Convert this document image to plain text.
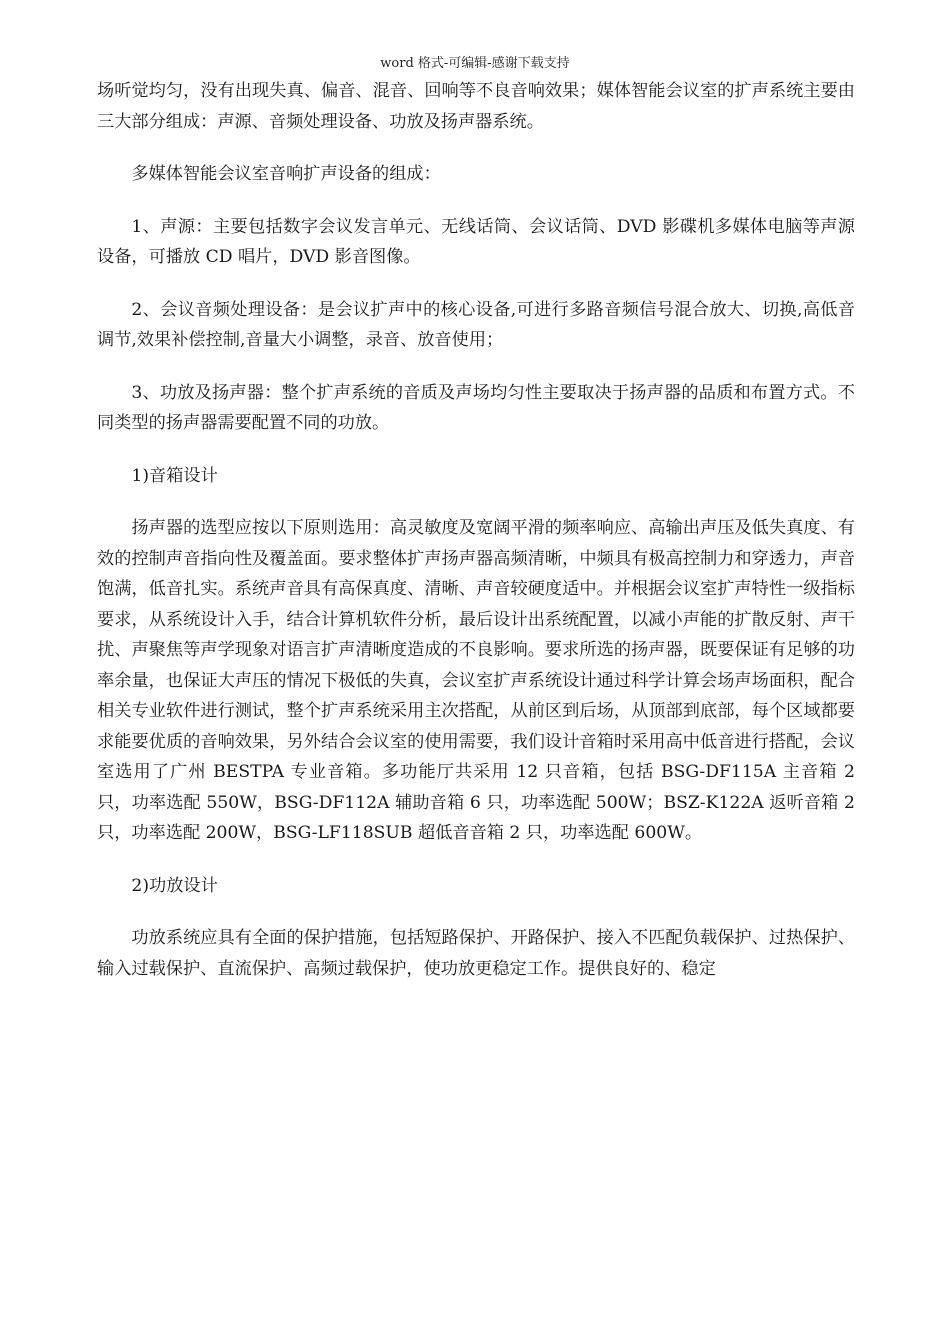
word 格式-可编辑-感谢下载支持

场听觉均匀，没有出现失真、偏音、混音、回响等不良音响效果；媒体智能会议室的扩声系统主要由三大部分组成：声源、音频处理设备、功放及扬声器系统。

多媒体智能会议室音响扩声设备的组成：

1、声源：主要包括数字会议发言单元、无线话筒、会议话筒、DVD 影碟机多媒体电脑等声源设备，可播放 CD 唱片，DVD 影音图像。

2、会议音频处理设备：是会议扩声中的核心设备,可进行多路音频信号混合放大、切换,高低音调节,效果补偿控制,音量大小调整，录音、放音使用；

3、功放及扬声器：整个扩声系统的音质及声场均匀性主要取决于扬声器的品质和布置方式。不同类型的扬声器需要配置不同的功放。

1)音箱设计

扬声器的选型应按以下原则选用：高灵敏度及宽阔平滑的频率响应、高输出声压及低失真度、有效的控制声音指向性及覆盖面。要求整体扩声扬声器高频清晰，中频具有极高控制力和穿透力，声音饱满，低音扎实。系统声音具有高保真度、清晰、声音较硬度适中。并根据会议室扩声特性一级指标要求，从系统设计入手，结合计算机软件分析，最后设计出系统配置，以减小声能的扩散反射、声干扰、声聚焦等声学现象对语言扩声清晰度造成的不良影响。要求所选的扬声器，既要保证有足够的功率余量，也保证大声压的情况下极低的失真，会议室扩声系统设计通过科学计算会场声场面积，配合相关专业软件进行测试，整个扩声系统采用主次搭配，从前区到后场，从顶部到底部，每个区域都要求能要优质的音响效果，另外结合会议室的使用需要，我们设计音箱时采用高中低音进行搭配，会议室选用了广州 BESTPA 专业音箱。多功能厅共采用 12 只音箱，包括 BSG-DF115A 主音箱 2 只，功率选配 550W，BSG-DF112A 辅助音箱 6 只，功率选配 500W；BSZ-K122A 返听音箱 2 只，功率选配 200W，BSG-LF118SUB 超低音音箱 2 只，功率选配 600W。

2)功放设计

功放系统应具有全面的保护措施，包括短路保护、开路保护、接入不匹配负载保护、过热保护、输入过载保护、直流保护、高频过载保护，使功放更稳定工作。提供良好的、稳定
